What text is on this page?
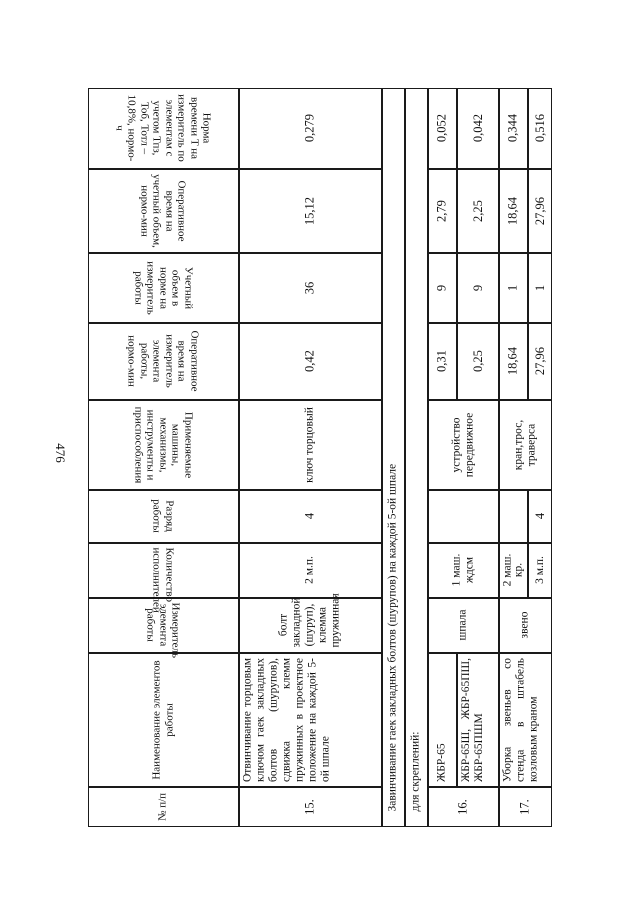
476
Норма времени T на измеритель по элементам с учетом Тпз, Тоб, Тотл – 10,8%, нормо-ч
Оперативное время на учетный объем, нормо-мин
Учетный объем в норме на измеритель работы
Оперативное время на измеритель элемента работы, нормо-мин
Применяемые машины, механизмы, инструменты и приспособления
Разряд работы
Количество исполнителей
Измеритель элемента работы
Наименование элементов работы
№ п/п
0,279
15,12
36
0,42
ключ торцовый
4
2 м.п.
болт закладной (шуруп), клемма пружинная
Отвинчивание торцовым ключом гаек закладных болтов (шурупов), сдвижка клемм пружинных в проектное положение на каждой 5-ой шпале
15.	Завинчивание гаек закладных болтов (шурупов) на каждой 5-ой шпале для скреплений:
0,052
2,79
9
0,31
ЖБР-65
0,042
2,25
9
0,25
ЖБР-65Ш, ЖБР-65ПШ, ЖБР-65ПШМ
устройство передвижное
1 маш. ждсм
шпала
16.
0,344
18,64
1
18,64
0,516
27,96
1
27,96
кран,трос, траверса
4
2 маш. кр. 3 м.п.
звено
Уборка звеньев со стенда в штабель козловым краном
17.
